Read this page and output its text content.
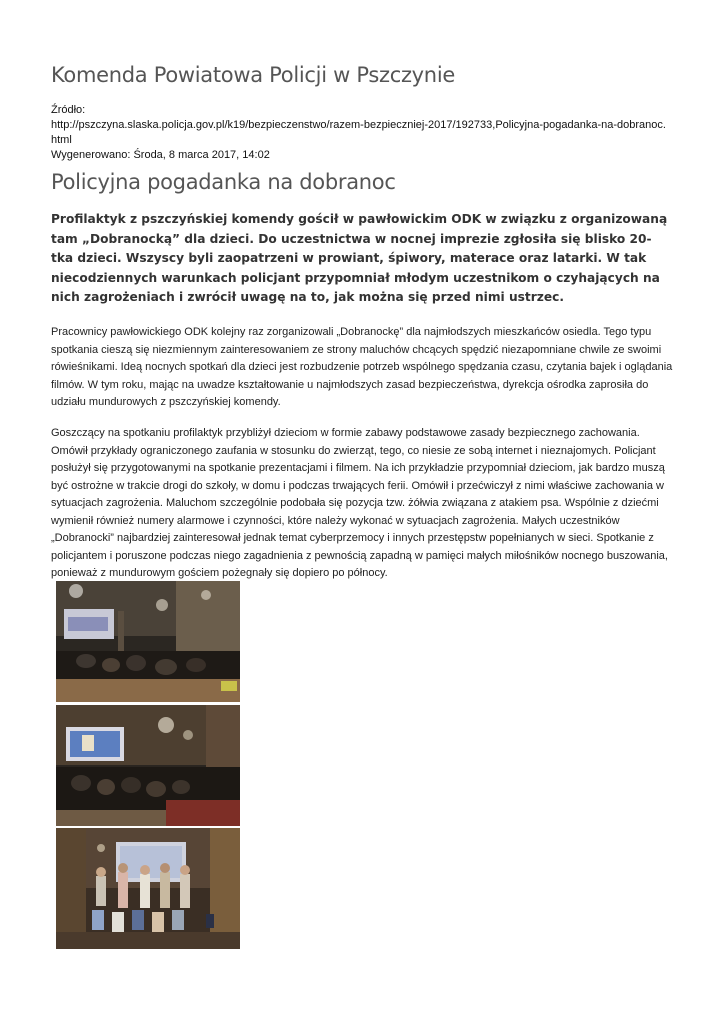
Komenda Powiatowa Policji w Pszczynie
Źródło:
http://pszczyna.slaska.policja.gov.pl/k19/bezpieczenstwo/razem-bezpieczniej-2017/192733,Policyjna-pogadanka-na-dobranoc.
html
Wygenerowano: Środa, 8 marca 2017, 14:02
Policyjna pogadanka na dobranoc
Profilaktyk z pszczyńskiej komendy gościł w pawłowickim ODK w związku z organizowaną tam „Dobranocką” dla dzieci. Do uczestnictwa w nocnej imprezie zgłosiła się blisko 20-tka dzieci. Wszyscy byli zaopatrzeni w prowiant, śpiwory, materace oraz latarki. W tak niecodziennych warunkach policjant przypomniał młodym uczestnikom o czyhających na nich zagrożeniach i zwrócił uwagę na to, jak można się przed nimi ustrzec.
Pracownicy pawłowickiego ODK kolejny raz zorganizowali „Dobranockę” dla najmłodszych mieszkańców osiedla. Tego typu spotkania cieszą się niezmiennym zainteresowaniem ze strony maluchów chcących spędzić niezapomniane chwile ze swoimi rówieśnikami. Ideą nocnych spotkań dla dzieci jest rozbudzenie potrzeb wspólnego spędzania czasu, czytania bajek i oglądania filmów. W tym roku, mając na uwadze kształtowanie u najmłodszych zasad bezpieczeństwa, dyrekcja ośrodka zaprosiła do udziału mundurowych z pszczyńskiej komendy.
Goszczący na spotkaniu profilaktyk przybliżył dzieciom w formie zabawy podstawowe zasady bezpiecznego zachowania. Omówił przykłady ograniczonego zaufania w stosunku do zwierząt, tego, co niesie ze sobą internet i nieznajomych. Policjant posłużył się przygotowanymi na spotkanie prezentacjami i filmem. Na ich przykładzie przypomniał dzieciom, jak bardzo muszą być ostrożne w trakcie drogi do szkoły, w domu i podczas trwających ferii. Omówił i przećwiczył z nimi właściwe zachowania w sytuacjach zagrożenia. Maluchom szczególnie podobała się pozycja tzw. żółwia związana z atakiem psa. Wspólnie z dziećmi wymienił również numery alarmowe i czynności, które należy wykonać w sytuacjach zagrożenia. Małych uczestników „Dobranocki” najbardziej zainteresował jednak temat cyberprzemocy i innych przestępstw popełnianych w sieci. Spotkanie z policjantem i poruszone podczas niego zagadnienia z pewnością zapadną w pamięci małych miłośników nocnego buszowania, ponieważ z mundurowym gościem pożegnały się dopiero po północy.
